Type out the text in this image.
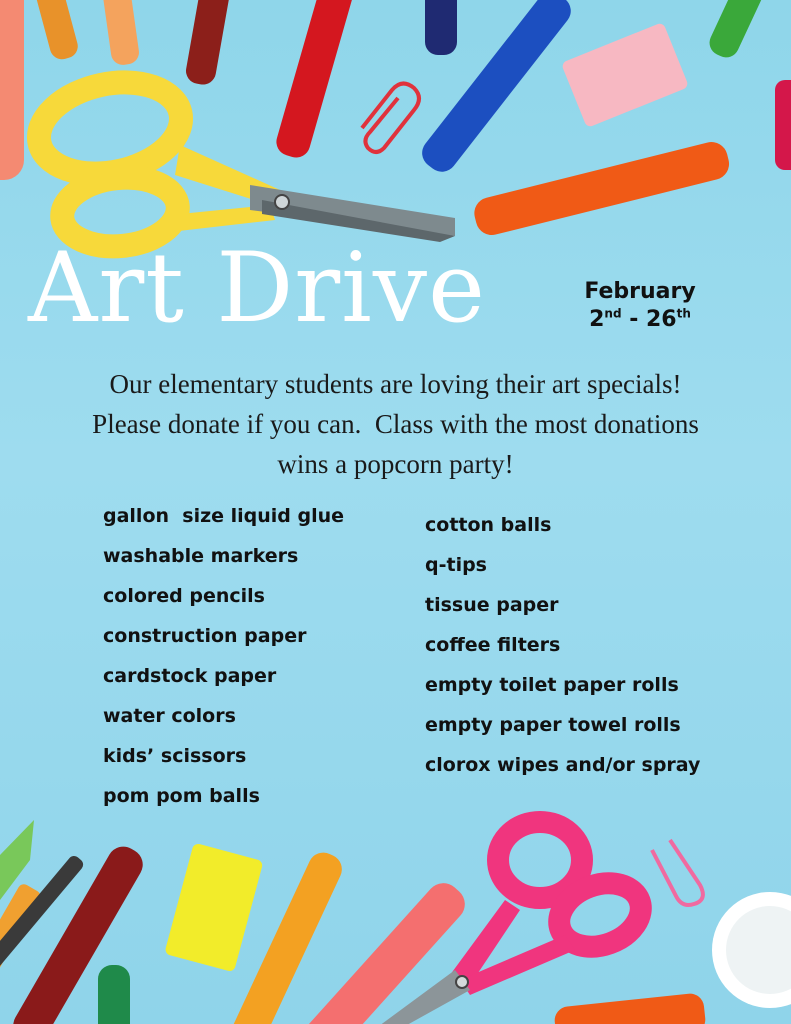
Art Drive	February
2nd - 26th

Our elementary students are loving their art specials!
Please donate if you can.  Class with the most donations
wins a popcorn party!

gallon  size liquid glue
washable markers
colored pencils
construction paper
cardstock paper
water colors
kids’ scissors
pom pom balls
cotton balls
q-tips
tissue paper
coffee filters
empty toilet paper rolls
empty paper towel rolls
clorox wipes and/or spray
